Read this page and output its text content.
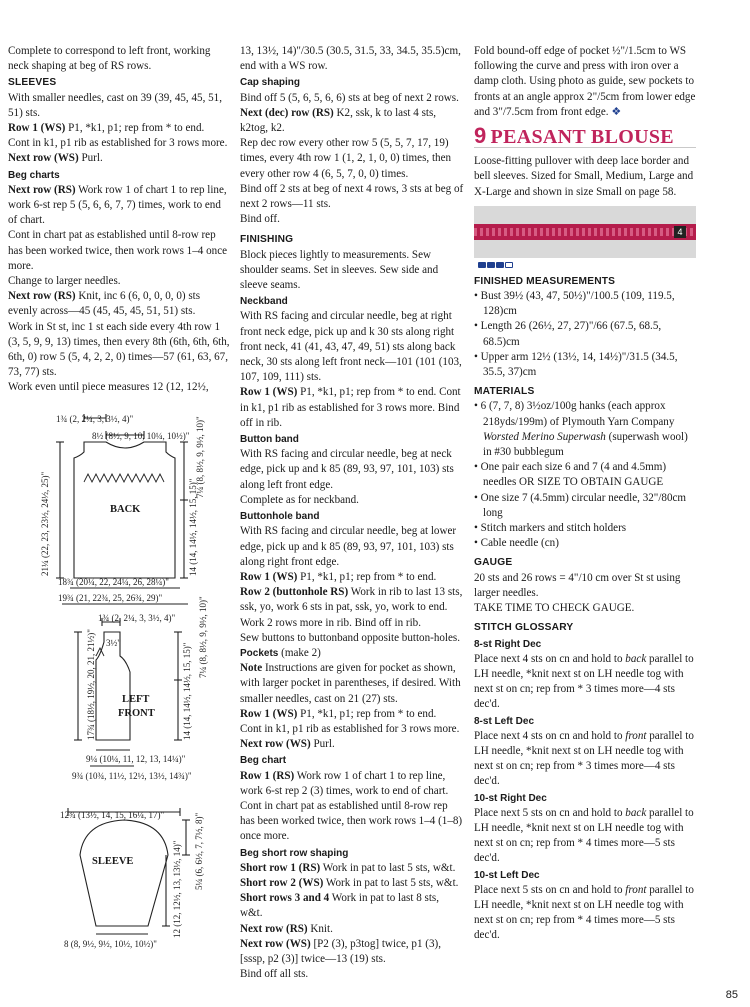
Complete to correspond to left front, working neck shaping at beg of RS rows.

SLEEVES

With smaller needles, cast on 39 (39, 45, 45, 51, 51) sts.

Row 1 (WS) P1, *k1, p1; rep from * to end.

Cont in k1, p1 rib as established for 3 rows more.

Next row (WS) Purl.

Beg charts

Next row (RS) Work row 1 of chart 1 to rep line, work 6-st rep 5 (5, 6, 6, 7, 7) times, work to end of chart.

Cont in chart pat as established until 8-row rep has been worked twice, then work rows 1–4 once more.

Change to larger needles.

Next row (RS) Knit, inc 6 (6, 0, 0, 0, 0) sts evenly across—45 (45, 45, 45, 51, 51) sts.

Work in St st, inc 1 st each side every 4th row 1 (3, 5, 9, 9, 13) times, then every 8th (6th, 6th, 6th, 6th, 0) row 5 (5, 4, 2, 2, 0) times—57 (61, 63, 67, 73, 77) sts.

Work even until piece measures 12 (12, 12½,

1¾ (2, 2¼, 3, 3½, 4)"
8½ (8½, 9, 10, 10¼, 10½)"
BACK
21¼ (22, 23, 23½, 24½, 25)"
7¼ (8, 8½, 9, 9½, 10)"
14 (14, 14½, 14½, 15, 15)"
18¾ (20¼, 22, 24¼, 26, 28¼)"
19¾ (21, 22¾, 25, 26¾, 29)"
1¾ (2, 2¼, 3, 3½, 4)"
3½"
LEFT
FRONT
17¾ (18½, 19½, 20, 21, 21½)"	7¼ (8, 8½, 9, 9½, 10)"
14 (14, 14½, 14½, 15, 15)"
9¼ (10¼, 11, 12, 13, 14¼)"
9¾ (10¾, 11½, 12½, 13½, 14¾)"
12¾ (13½, 14, 15, 16¼, 17)"
SLEEVE	5¼ (6, 6½, 7, 7½, 8)"
12 (12, 12½, 13, 13½, 14)"
8 (8, 9½, 9½, 10½, 10½)"

13, 13½, 14)"/30.5 (30.5, 31.5, 33, 34.5, 35.5)cm, end with a WS row.

Cap shaping

Bind off 5 (5, 6, 5, 6, 6) sts at beg of next 2 rows.

Next (dec) row (RS) K2, ssk, k to last 4 sts, k2tog, k2.

Rep dec row every other row 5 (5, 5, 7, 17, 19) times, every 4th row 1 (1, 2, 1, 0, 0) times, then every other row 4 (6, 5, 7, 0, 0) times.

Bind off 2 sts at beg of next 4 rows, 3 sts at beg of next 2 rows—11 sts.

Bind off.

FINISHING

Block pieces lightly to measurements. Sew shoulder seams. Set in sleeves. Sew side and sleeve seams.

Neckband

With RS facing and circular needle, beg at right front neck edge, pick up and k 30 sts along right front neck, 41 (41, 43, 47, 49, 51) sts along back neck, 30 sts along left front neck—101 (101 (103, 107, 109, 111) sts.

Row 1 (WS) P1, *k1, p1; rep from * to end. Cont in k1, p1 rib as established for 3 rows more. Bind off in rib.

Button band

With RS facing and circular needle, beg at neck edge, pick up and k 85 (89, 93, 97, 101, 103) sts along left front edge.

Complete as for neckband.

Buttonhole band

With RS facing and circular needle, beg at lower edge, pick up and k 85 (89, 93, 97, 101, 103) sts along right front edge.

Row 1 (WS) P1, *k1, p1; rep from * to end.

Row 2 (buttonhole RS) Work in rib to last 13 sts, ssk, yo, work 6 sts in pat, ssk, yo, work to end. Work 2 rows more in rib. Bind off in rib.

Sew buttons to buttonband opposite button-holes.

Pockets (make 2)

Note Instructions are given for pocket as shown, with larger pocket in parentheses, if desired. With smaller needles, cast on 21 (27) sts.

Row 1 (WS) P1, *k1, p1; rep from * to end.

Cont in k1, p1 rib as established for 3 rows more.

Next row (WS) Purl.

Beg chart

Row 1 (RS) Work row 1 of chart 1 to rep line, work 6-st rep 2 (3) times, work to end of chart. Cont in chart pat as established until 8-row rep has been worked twice, then work rows 1–4 (1–8) once more.

Beg short row shaping

Short row 1 (RS) Work in pat to last 5 sts, w&t.

Short row 2 (WS) Work in pat to last 5 sts, w&t.

Short rows 3 and 4 Work in pat to last 8 sts, w&t.

Next row (RS) Knit.

Next row (WS) [P2 (3), p3tog] twice, p1 (3), [sssp, p2 (3)] twice—13 (19) sts.

Bind off all sts.

Fold bound-off edge of pocket ½"/1.5cm to WS following the curve and press with iron over a damp cloth. Using photo as guide, sew pockets to fronts at an angle approx 2"/5cm from lower edge and 3"/7.5cm from front edge. ❖

9 PEASANT BLOUSE

Loose-fitting pullover with deep lace border and bell sleeves. Sized for Small, Medium, Large and X-Large and shown in size Small on page 58.

4

FINISHED MEASUREMENTS

• Bust 39½ (43, 47, 50½)"/100.5 (109, 119.5, 128)cm

• Length 26 (26½, 27, 27)"/66 (67.5, 68.5, 68.5)cm

• Upper arm 12½ (13½, 14, 14½)"/31.5 (34.5, 35.5, 37)cm

MATERIALS

• 6 (7, 7, 8) 3½oz/100g hanks (each approx 218yds/199m) of Plymouth Yarn Company Worsted Merino Superwash (superwash wool) in #30 bubblegum

• One pair each size 6 and 7 (4 and 4.5mm) needles OR SIZE TO OBTAIN GAUGE

• One size 7 (4.5mm) circular needle, 32"/80cm long

• Stitch markers and stitch holders

• Cable needle (cn)

GAUGE

20 sts and 26 rows = 4"/10 cm over St st using larger needles.

TAKE TIME TO CHECK GAUGE.

STITCH GLOSSARY

8-st Right Dec

Place next 4 sts on cn and hold to back parallel to LH needle, *knit next st on LH needle tog with next st on cn; rep from * 3 times more—4 sts dec'd.

8-st Left Dec

Place next 4 sts on cn and hold to front parallel to LH needle, *knit next st on LH needle tog with next st on cn; rep from * 3 times more—4 sts dec'd.

10-st Right Dec

Place next 5 sts on cn and hold to back parallel to LH needle, *knit next st on LH needle tog with next st on cn; rep from * 4 times more—5 sts dec'd.

10-st Left Dec

Place next 5 sts on cn and hold to front parallel to LH needle, *knit next st on LH needle tog with next st on cn; rep from * 4 times more—5 sts dec'd.

85
